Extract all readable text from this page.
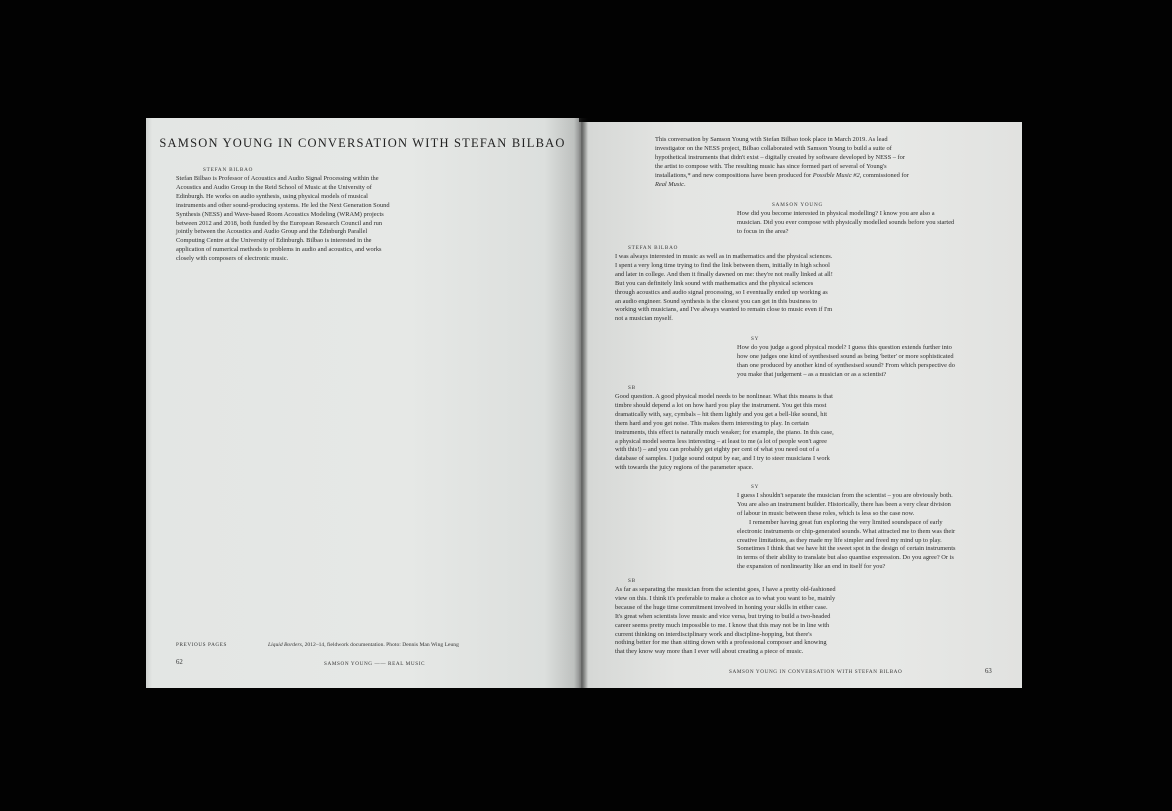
SAMSON YOUNG IN CONVERSATION WITH STEFAN BILBAO
STEFAN BILBAO

Stefan Bilbao is Professor of Acoustics and Audio Signal Processing within the
Acoustics and Audio Group in the Reid School of Music at the University of
Edinburgh. He works on audio synthesis, using physical models of musical
instruments and other sound-producing systems. He led the Next Generation Sound
Synthesis (NESS) and Wave-based Room Acoustics Modeling (WRAM) projects
between 2012 and 2018, both funded by the European Research Council and run
jointly between the Acoustics and Audio Group and the Edinburgh Parallel
Computing Centre at the University of Edinburgh. Bilbao is interested in the
application of numerical methods to problems in audio and acoustics, and works
closely with composers of electronic music.

PREVIOUS PAGES	Liquid Borders, 2012–14, fieldwork documentation. Photo: Dennis Man Wing Leung
62	SAMSON YOUNG —— REAL MUSIC

This conversation by Samson Young with Stefan Bilbao took place in March 2019. As lead
investigator on the NESS project, Bilbao collaborated with Samson Young to build a suite of
hypothetical instruments that didn't exist – digitally created by software developed by NESS – for
the artist to compose with. The resulting music has since formed part of several of Young's
installations,* and new compositions have been produced for Possible Music #2, commissioned for
Real Music.

SAMSON YOUNG

How did you become interested in physical modelling? I know you are also a
musician. Did you ever compose with physically modelled sounds before you started
to focus in the area?

STEFAN BILBAO

I was always interested in music as well as in mathematics and the physical sciences.
I spent a very long time trying to find the link between them, initially in high school
and later in college. And then it finally dawned on me: they're not really linked at all!
But you can definitely link sound with mathematics and the physical sciences
through acoustics and audio signal processing, so I eventually ended up working as
an audio engineer. Sound synthesis is the closest you can get in this business to
working with musicians, and I've always wanted to remain close to music even if I'm
not a musician myself.

SY

How do you judge a good physical model? I guess this question extends further into
how one judges one kind of synthesised sound as being 'better' or more sophisticated
than one produced by another kind of synthesised sound? From which perspective do
you make that judgement – as a musician or as a scientist?

SB

Good question. A good physical model needs to be nonlinear. What this means is that
timbre should depend a lot on how hard you play the instrument. You get this most
dramatically with, say, cymbals – hit them lightly and you get a bell-like sound, hit
them hard and you get noise. This makes them interesting to play. In certain
instruments, this effect is naturally much weaker; for example, the piano. In this case,
a physical model seems less interesting – at least to me (a lot of people won't agree
with this!) – and you can probably get eighty per cent of what you need out of a
database of samples. I judge sound output by ear, and I try to steer musicians I work
with towards the juicy regions of the parameter space.

SY

I guess I shouldn't separate the musician from the scientist – you are obviously both.
You are also an instrument builder. Historically, there has been a very clear division
of labour in music between these roles, which is less so the case now.

I remember having great fun exploring the very limited soundspace of early
electronic instruments or chip-generated sounds. What attracted me to them was their
creative limitations, as they made my life simpler and freed my mind up to play.
Sometimes I think that we have hit the sweet spot in the design of certain instruments
in terms of their ability to translate but also quantise expression. Do you agree? Or is
the expansion of nonlinearity like an end in itself for you?

SB

As far as separating the musician from the scientist goes, I have a pretty old-fashioned
view on this. I think it's preferable to make a choice as to what you want to be, mainly
because of the huge time commitment involved in honing your skills in either case.
It's great when scientists love music and vice versa, but trying to build a two-headed
career seems pretty much impossible to me. I know that this may not be in line with
current thinking on interdisciplinary work and discipline-hopping, but there's
nothing better for me than sitting down with a professional composer and knowing
that they know way more than I ever will about creating a piece of music.

SAMSON YOUNG IN CONVERSATION WITH STEFAN BILBAO	63
